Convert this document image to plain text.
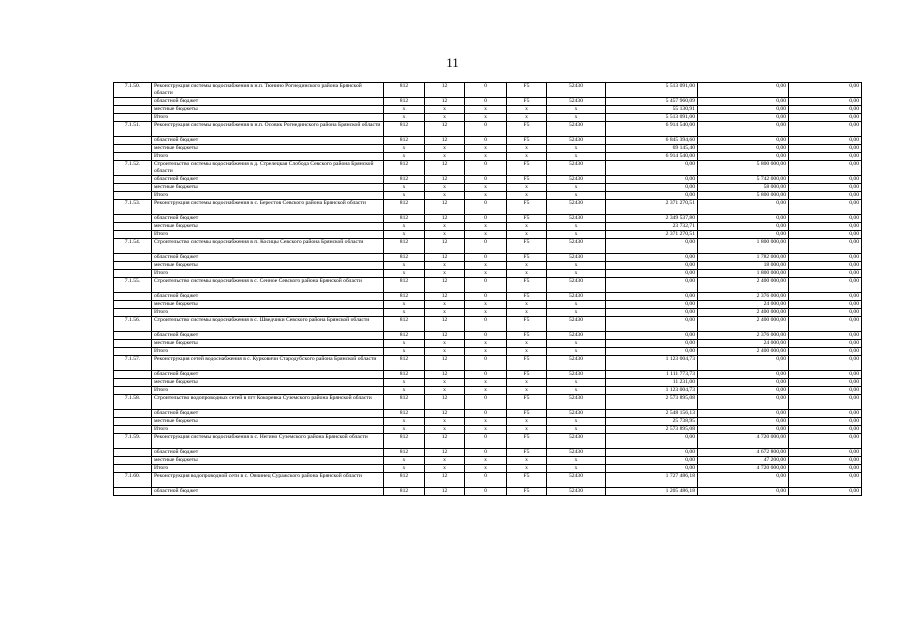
11
7.1.50.	Реконструкция системы водоснабжения в н.п. Тюнино Рогнединского района Брянской области	812	12	0	F5	52430	5 513 091,00	0,00	0,00
	областной бюджет	812	12	0	F5	52430	5 457 960,09	0,00	0,00
	местные бюджеты	x	x	x	x	x	55 130,91	0,00	0,00
	Итого	x	x	x	x	x	5 513 091,00	0,00	0,00
7.1.51.	Реконструкция системы водоснабжения в н.п. Осовик Рогнединского района Брянской области	812	12	0	F5	52430	6 914 540,00	0,00	0,00
	областной бюджет	812	12	0	F5	52430	6 845 394,60	0,00	0,00
	местные бюджеты	x	x	x	x	x	69 145,40	0,00	0,00
	Итого	x	x	x	x	x	6 914 540,00	0,00	0,00
7.1.52.	Строительство системы водоснабжения в д. Стрелецкая Слобода Севского района Брянской области	812	12	0	F5	52430	0,00	5 800 000,00	0,00
	областной бюджет	812	12	0	F5	52430	0,00	5 742 000,00	0,00
	местные бюджеты	x	x	x	x	x	0,00	58 000,00	0,00
	Итого	x	x	x	x	x	0,00	5 800 000,00	0,00
7.1.53.	Реконструкция системы водоснабжения в с. Берестов Севского района Брянской области	812	12	0	F5	52430	2 371 270,51	0,00	0,00
	областной бюджет	812	12	0	F5	52430	2 349 537,80	0,00	0,00
	местные бюджеты	x	x	x	x	x	23 732,71	0,00	0,00
	Итого	x	x	x	x	x	2 371 270,51	0,00	0,00
7.1.54.	Строительство системы водоснабжения в п. Косицы Севского района Брянской области	812	12	0	F5	52430	0,00	1 800 000,00	0,00
	областной бюджет	812	12	0	F5	52430	0,00	1 782 000,00	0,00
	местные бюджеты	x	x	x	x	x	0,00	18 000,00	0,00
	Итого	x	x	x	x	x	0,00	1 800 000,00	0,00
7.1.55.	Строительство системы водоснабжения в с. Сенное Севского района Брянской области	812	12	0	F5	52430	0,00	2 400 000,00	0,00
	областной бюджет	812	12	0	F5	52430	0,00	2 376 000,00	0,00
	местные бюджеты	x	x	x	x	x	0,00	24 000,00	0,00
	Итого	x	x	x	x	x	0,00	2 400 000,00	0,00
7.1.56.	Строительство системы водоснабжения в с. Шведчики Севского района Брянской области	812	12	0	F5	52430	0,00	2 400 000,00	0,00
	областной бюджет	812	12	0	F5	52430	0,00	2 376 000,00	0,00
	местные бюджеты	x	x	x	x	x	0,00	24 000,00	0,00
	Итого	x	x	x	x	x	0,00	2 400 000,00	0,00
7.1.57.	Реконструкция сетей водоснабжения в с. Курковичи Стародубского района Брянской области	812	12	0	F5	52430	1 123 004,73	0,00	0,00
	областной бюджет	812	12	0	F5	52430	1 111 773,73	0,00	0,00
	местные бюджеты	x	x	x	x	x	11 231,00	0,00	0,00
	Итого	x	x	x	x	x	1 123 004,73	0,00	0,00
7.1.58.	Строительство водопроводных сетей в пгт Кокоревка Суземского района Брянской области	812	12	0	F5	52430	2 573 895,08	0,00	0,00
	областной бюджет	812	12	0	F5	52430	2 548 156,13	0,00	0,00
	местные бюджеты	x	x	x	x	x	25 738,95	0,00	0,00
	Итого	x	x	x	x	x	2 573 895,08	0,00	0,00
7.1.59.	Реконструкция системы водоснабжения в с. Негино Суземского района Брянской области	812	12	0	F5	52430	0,00	4 720 000,00	0,00
	областной бюджет	812	12	0	F5	52430	0,00	4 672 800,00	0,00
	местные бюджеты	x	x	x	x	x	0,00	47 200,00	0,00
	Итого	x	x	x	x	x	0,00	4 720 000,00	0,00
7.1.60.	Реконструкция водопроводной сети в с. Овчинец Суражского района Брянской области	812	12	0	F5	52430	1 727 486,18	0,00	0,00
	областной бюджет	812	12	0	F5	52430	1 205 486,18	0,00	0,00
